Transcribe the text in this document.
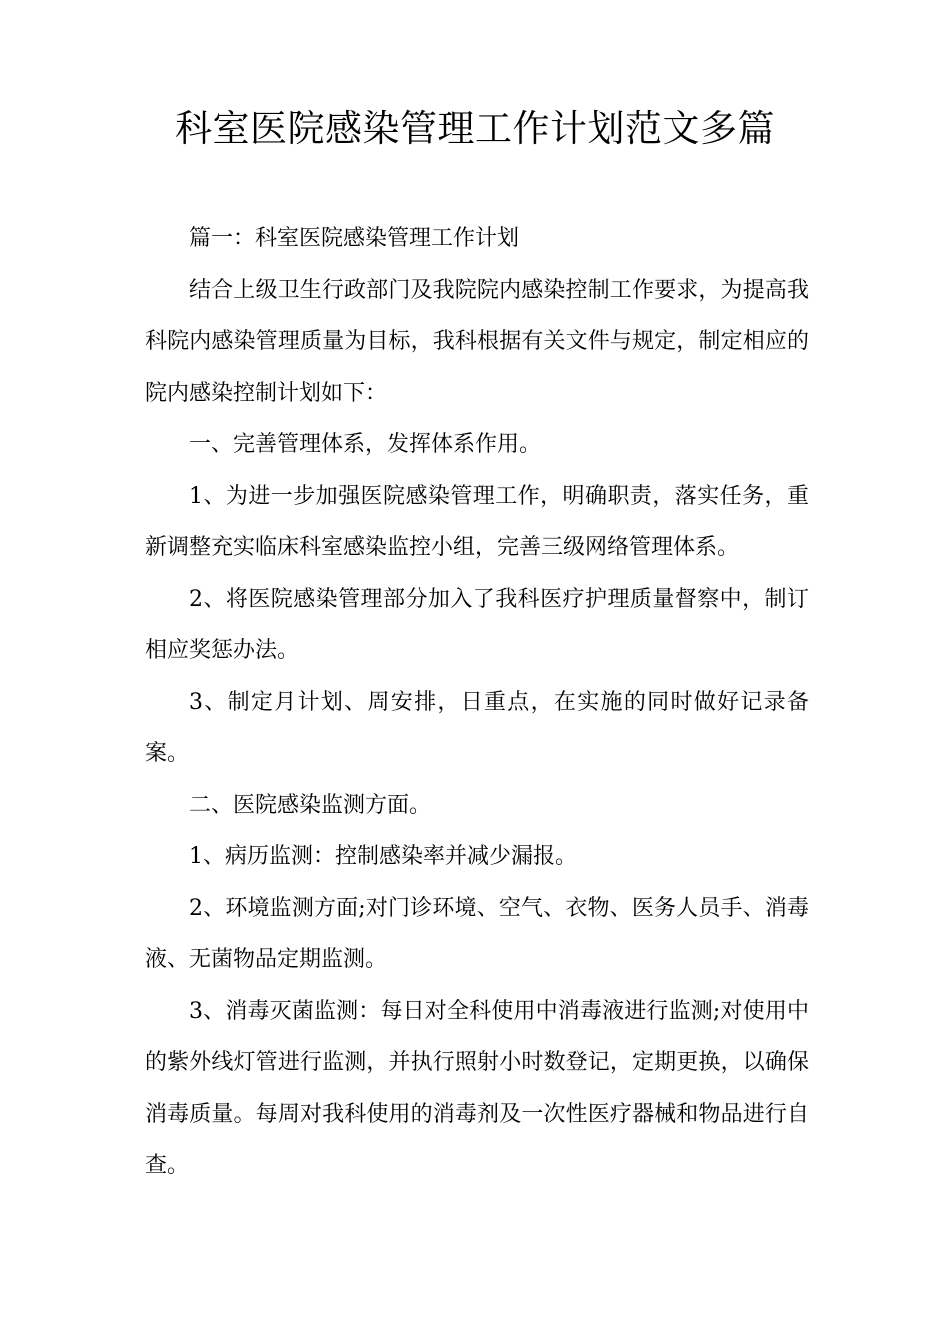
科室医院感染管理工作计划范文多篇

篇一：科室医院感染管理工作计划

结合上级卫生行政部门及我院院内感染控制工作要求，为提高我科院内感染管理质量为目标，我科根据有关文件与规定，制定相应的院内感染控制计划如下：

一、完善管理体系，发挥体系作用。

1、为进一步加强医院感染管理工作，明确职责，落实任务，重新调整充实临床科室感染监控小组，完善三级网络管理体系。

2、将医院感染管理部分加入了我科医疗护理质量督察中，制订相应奖惩办法。

3、制定月计划、周安排，日重点，在实施的同时做好记录备案。

二、医院感染监测方面。

1、病历监测：控制感染率并减少漏报。

2、环境监测方面;对门诊环境、空气、衣物、医务人员手、消毒液、无菌物品定期监测。

3、消毒灭菌监测：每日对全科使用中消毒液进行监测;对使用中的紫外线灯管进行监测，并执行照射小时数登记，定期更换，以确保消毒质量。每周对我科使用的消毒剂及一次性医疗器械和物品进行自查。
